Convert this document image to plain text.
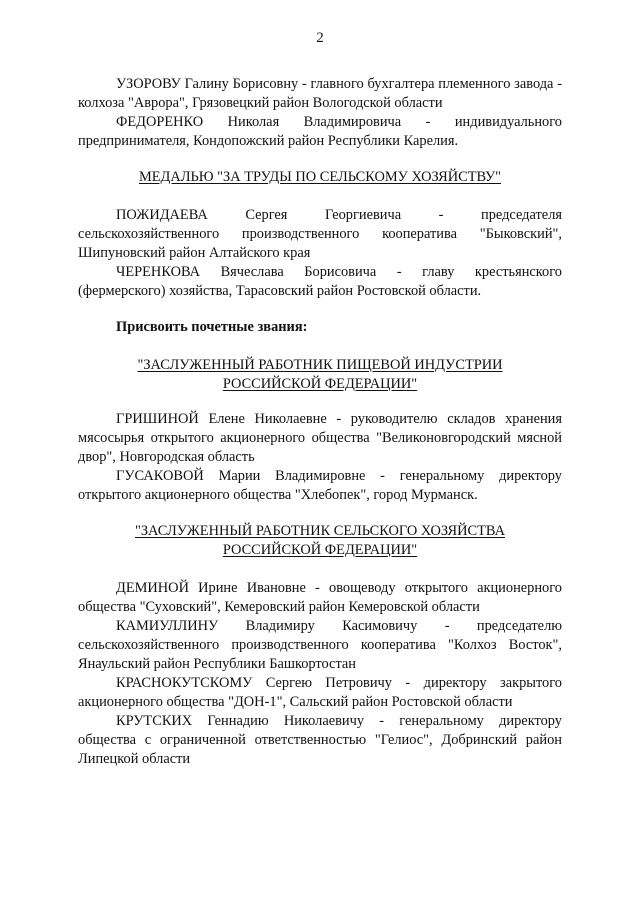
2

УЗОРОВУ Галину Борисовну - главного бухгалтера племенного завода - колхоза "Аврора", Грязовецкий район Вологодской области

ФЕДОРЕНКО Николая Владимировича - индивидуального предпринимателя, Кондопожский район Республики Карелия.

МЕДАЛЬЮ "ЗА ТРУДЫ ПО СЕЛЬСКОМУ ХОЗЯЙСТВУ"

ПОЖИДАЕВА Сергея Георгиевича - председателя сельскохозяйственного производственного кооператива "Быковский", Шипуновский район Алтайского края

ЧЕРЕНКОВА Вячеслава Борисовича - главу крестьянского (фермерского) хозяйства, Тарасовский район Ростовской области.

Присвоить почетные звания:
"ЗАСЛУЖЕННЫЙ РАБОТНИК ПИЩЕВОЙ ИНДУСТРИИ
РОССИЙСКОЙ ФЕДЕРАЦИИ"

ГРИШИНОЙ Елене Николаевне - руководителю складов хранения мясосырья открытого акционерного общества "Великоновгородский мясной двор", Новгородская область

ГУСАКОВОЙ Марии Владимировне - генеральному директору открытого акционерного общества "Хлебопек", город Мурманск.

"ЗАСЛУЖЕННЫЙ РАБОТНИК СЕЛЬСКОГО ХОЗЯЙСТВА
РОССИЙСКОЙ ФЕДЕРАЦИИ"

ДЕМИНОЙ Ирине Ивановне - овощеводу открытого акционерного общества "Суховский", Кемеровский район Кемеровской области

КАМИУЛЛИНУ Владимиру Касимовичу - председателю сельскохозяйственного производственного кооператива "Колхоз Восток", Янаульский район Республики Башкортостан

КРАСНОКУТСКОМУ Сергею Петровичу - директору закрытого акционерного общества "ДОН-1", Сальский район Ростовской области

КРУТСКИХ Геннадию Николаевичу - генеральному директору общества с ограниченной ответственностью "Гелиос", Добринский район Липецкой области
